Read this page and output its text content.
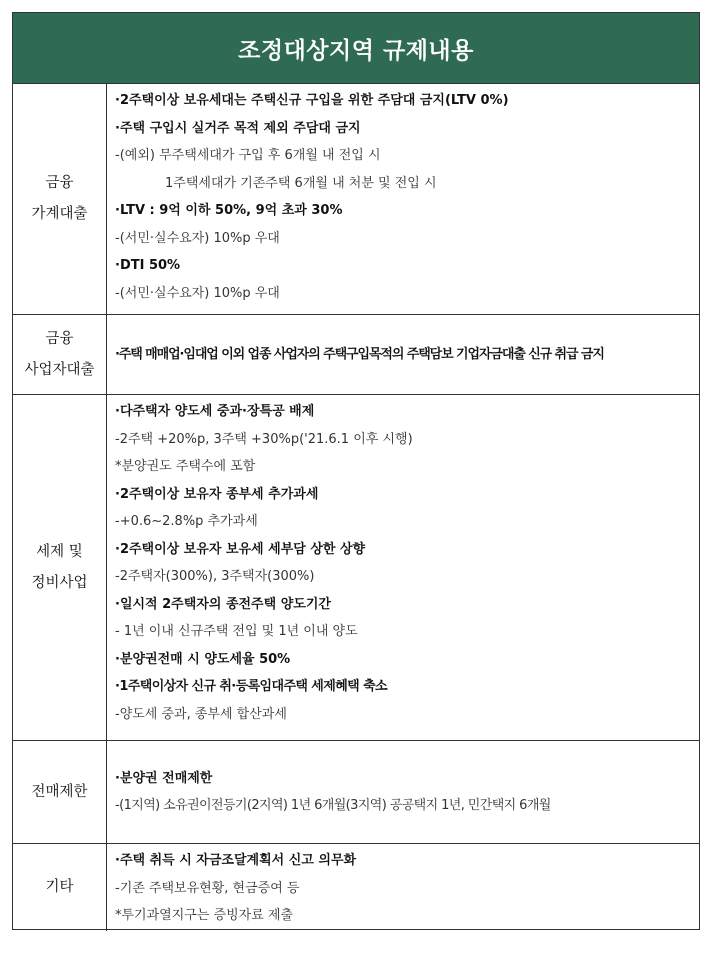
조정대상지역 규제내용
금융
가계대출
·2주택이상 보유세대는 주택신규 구입을 위한 주담대 금지(LTV 0%)
·주택 구입시 실거주 목적 제외 주담대 금지
-(예외) 무주택세대가 구입 후 6개월 내 전입 시
1주택세대가 기존주택 6개월 내 처분 및 전입 시
·LTV : 9억 이하 50%, 9억 초과 30%
-(서민·실수요자) 10%p 우대
·DTI 50%
-(서민·실수요자) 10%p 우대
금융
사업자대출
·주택 매매업·임대업 이외 업종 사업자의 주택구입목적의 주택담보 기업자금대출 신규 취급 금지
세제 및
정비사업
·다주택자 양도세 중과·장특공 배제
-2주택 +20%p, 3주택 +30%p('21.6.1 이후 시행)
*분양권도 주택수에 포함
·2주택이상 보유자 종부세 추가과세
-+0.6~2.8%p 추가과세
·2주택이상 보유자 보유세 세부담 상한 상향
-2주택자(300%), 3주택자(300%)
·일시적 2주택자의 종전주택 양도기간
- 1년 이내 신규주택 전입 및 1년 이내 양도
·분양권전매 시 양도세율 50%
·1주택이상자 신규 취·등록임대주택 세제혜택 축소
-양도세 중과, 종부세 합산과세
전매제한
·분양권 전매제한
-(1지역) 소유권이전등기(2지역) 1년 6개월(3지역) 공공택지 1년, 민간택지 6개월
기타
·주택 취득 시 자금조달계획서 신고 의무화
-기존 주택보유현황, 현금증여 등
*투기과열지구는 증빙자료 제출
